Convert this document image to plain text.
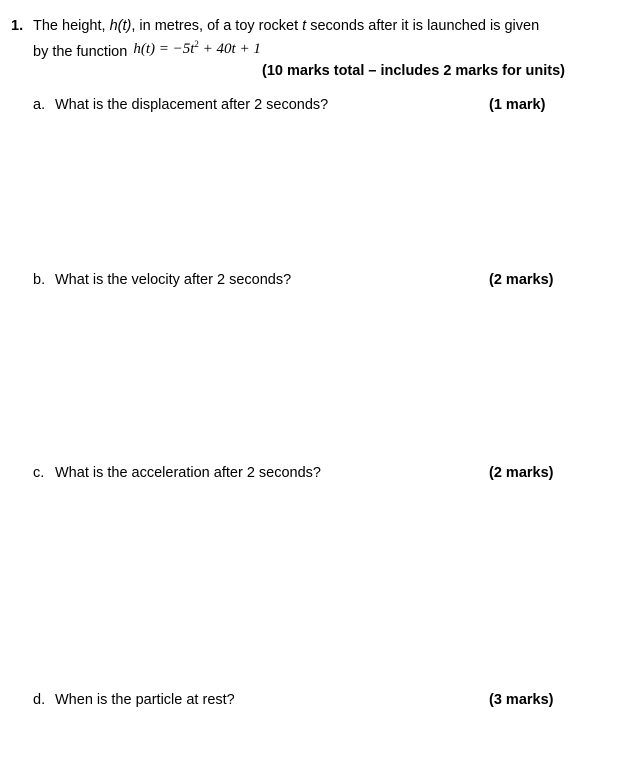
1. The height, h(t), in metres, of a toy rocket t seconds after it is launched is given
by the function $h(t) = -5t^2 + 40t + 1$
(10 marks total – includes 2 marks for units)
a. What is the displacement after 2 seconds?	(1 mark)
b. What is the velocity after 2 seconds?	(2 marks)
c. What is the acceleration after 2 seconds?	(2 marks)
d. When is the particle at rest?	(3 marks)
